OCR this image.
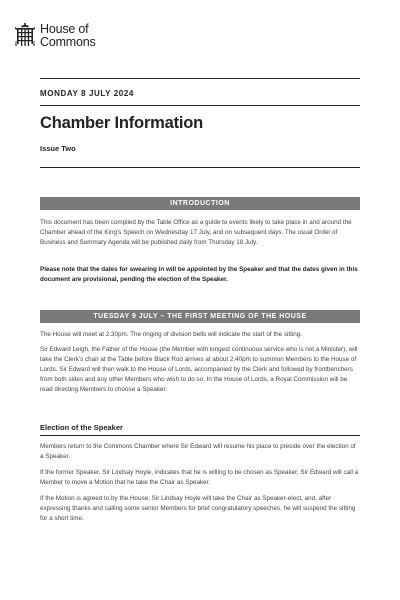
House of
Commons
MONDAY 8 JULY 2024
Chamber Information
Issue Two
INTRODUCTION
This document has been compiled by the Table Office as a guide to events likely to take place in and around the Chamber ahead of the King’s Speech on Wednesday 17 July, and on subsequent days. The usual Order of Business and Summary Agenda will be published daily from Thursday 18 July.
Please note that the dates for swearing in will be appointed by the Speaker and that the dates given in this document are provisional, pending the election of the Speaker.
TUESDAY 9 JULY – THE FIRST MEETING OF THE HOUSE
The House will meet at 2.30pm. The ringing of division bells will indicate the start of the sitting.
Sir Edward Leigh, the Father of the House (the Member with longest continuous service who is not a Minister), will take the Clerk’s chair at the Table before Black Rod arrives at about 2.40pm to summon Members to the House of Lords. Sir Edward will then walk to the House of Lords, accompanied by the Clerk and followed by frontbenchers from both sides and any other Members who wish to do so. In the House of Lords, a Royal Commission will be read directing Members to choose a Speaker.
Election of the Speaker
Members return to the Commons Chamber where Sir Edward will resume his place to preside over the election of a Speaker.
If the former Speaker, Sir Lindsay Hoyle, indicates that he is willing to be chosen as Speaker, Sir Edward will call a Member to move a Motion that he take the Chair as Speaker.
If the Motion is agreed to by the House, Sir Lindsay Hoyle will take the Chair as Speaker-elect, and, after expressing thanks and calling some senior Members for brief congratulatory speeches, he will suspend the sitting for a short time.
